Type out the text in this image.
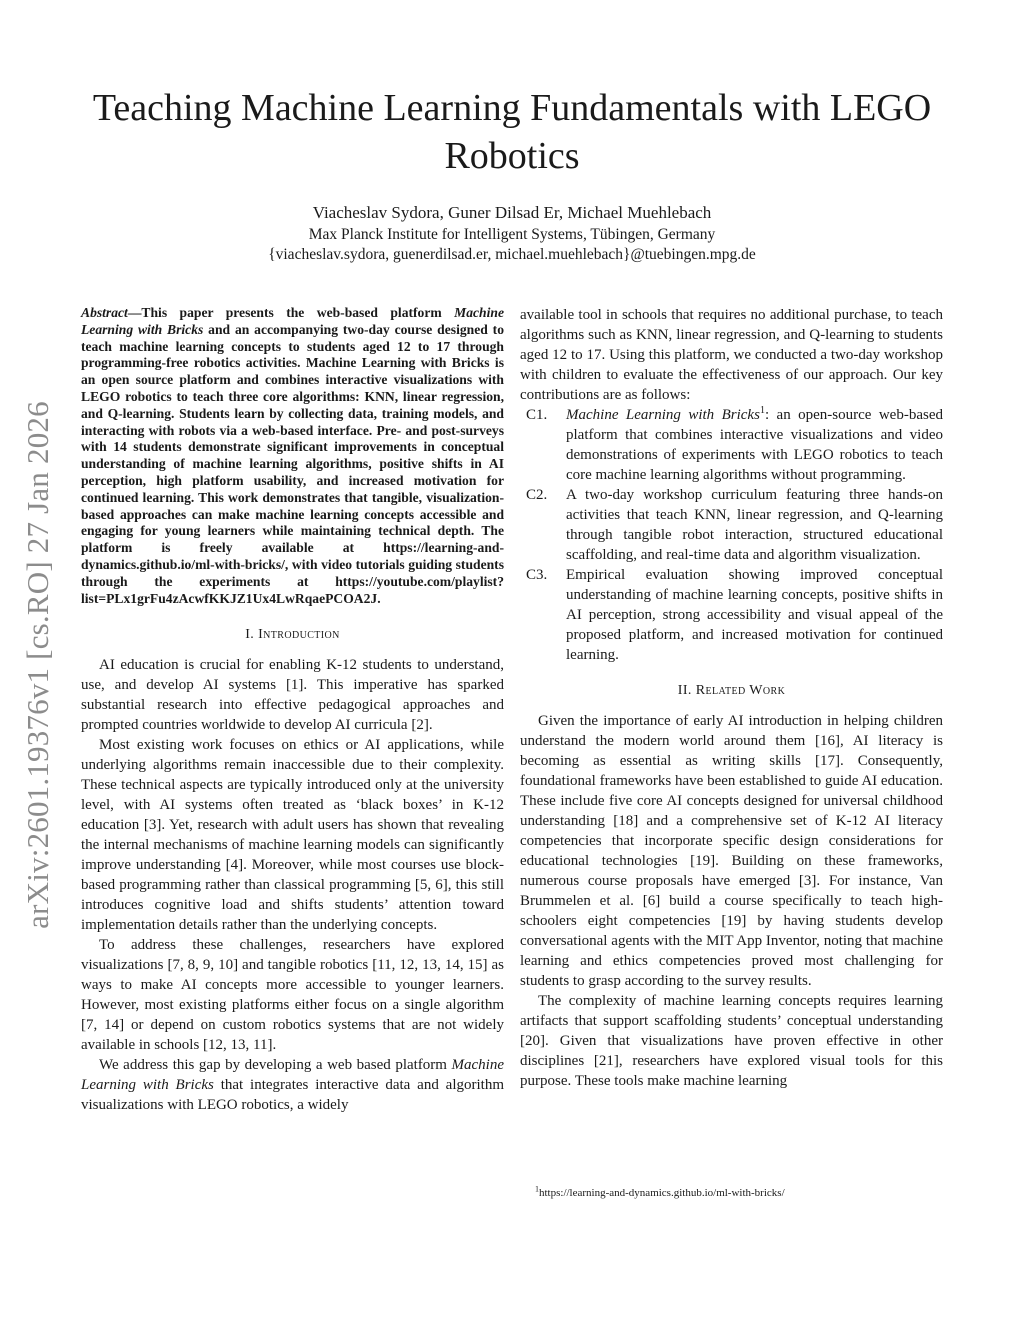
arXiv:2601.19376v1 [cs.RO] 27 Jan 2026
Teaching Machine Learning Fundamentals with LEGO Robotics
Viacheslav Sydora, Guner Dilsad Er, Michael Muehlebach
Max Planck Institute for Intelligent Systems, Tübingen, Germany
{viacheslav.sydora, guenerdilsad.er, michael.muehlebach}@tuebingen.mpg.de

Abstract—This paper presents the web-based platform Machine Learning with Bricks and an accompanying two-day course designed to teach machine learning concepts to students aged 12 to 17 through programming-free robotics activities. Machine Learning with Bricks is an open source platform and combines interactive visualizations with LEGO robotics to teach three core algorithms: KNN, linear regression, and Q-learning. Students learn by collecting data, training models, and interacting with robots via a web-based interface. Pre- and post-surveys with 14 students demonstrate significant improvements in conceptual understanding of machine learning algorithms, positive shifts in AI perception, high platform usability, and increased motivation for continued learning. This work demonstrates that tangible, visualization-based approaches can make machine learning concepts accessible and engaging for young learners while maintaining technical depth. The platform is freely available at https://learning-and-dynamics.github.io/ml-with-bricks/, with video tutorials guiding students through the experiments at https://youtube.com/playlist?list=PLx1grFu4zAcwfKKJZ1Ux4LwRqaePCOA2J.

I. Introduction

AI education is crucial for enabling K-12 students to understand, use, and develop AI systems [1]. This imperative has sparked substantial research into effective pedagogical approaches and prompted countries worldwide to develop AI curricula [2].

Most existing work focuses on ethics or AI applications, while underlying algorithms remain inaccessible due to their complexity. These technical aspects are typically introduced only at the university level, with AI systems often treated as ‘black boxes’ in K-12 education [3]. Yet, research with adult users has shown that revealing the internal mechanisms of machine learning models can significantly improve understanding [4]. Moreover, while most courses use block-based programming rather than classical programming [5, 6], this still introduces cognitive load and shifts students’ attention toward implementation details rather than the underlying concepts.

To address these challenges, researchers have explored visualizations [7, 8, 9, 10] and tangible robotics [11, 12, 13, 14, 15] as ways to make AI concepts more accessible to younger learners. However, most existing platforms either focus on a single algorithm [7, 14] or depend on custom robotics systems that are not widely available in schools [12, 13, 11].

We address this gap by developing a web based platform Machine Learning with Bricks that integrates interactive data and algorithm visualizations with LEGO robotics, a widely

available tool in schools that requires no additional purchase, to teach algorithms such as KNN, linear regression, and Q-learning to students aged 12 to 17. Using this platform, we conducted a two-day workshop with children to evaluate the effectiveness of our approach. Our key contributions are as follows:

C1.	Machine Learning with Bricks$^1$: an open-source web-based platform that combines interactive visualizations and video demonstrations of experiments with LEGO robotics to teach core machine learning algorithms without programming.
C2.	A two-day workshop curriculum featuring three hands-on activities that teach KNN, linear regression, and Q-learning through tangible robot interaction, structured educational scaffolding, and real-time data and algorithm visualization.
C3.	Empirical evaluation showing improved conceptual understanding of machine learning concepts, positive shifts in AI perception, strong accessibility and visual appeal of the proposed platform, and increased motivation for continued learning.
II. Related Work

Given the importance of early AI introduction in helping children understand the modern world around them [16], AI literacy is becoming as essential as writing skills [17]. Consequently, foundational frameworks have been established to guide AI education. These include five core AI concepts designed for universal childhood understanding [18] and a comprehensive set of K-12 AI literacy competencies that incorporate specific design considerations for educational technologies [19]. Building on these frameworks, numerous course proposals have emerged [3]. For instance, Van Brummelen et al. [6] build a course specifically to teach high-schoolers eight competencies [19] by having students develop conversational agents with the MIT App Inventor, noting that machine learning and ethics competencies proved most challenging for students to grasp according to the survey results.

The complexity of machine learning concepts requires learning artifacts that support scaffolding students’ conceptual understanding [20]. Given that visualizations have proven effective in other disciplines [21], researchers have explored visual tools for this purpose. These tools make machine learning

$^1$https://learning-and-dynamics.github.io/ml-with-bricks/
